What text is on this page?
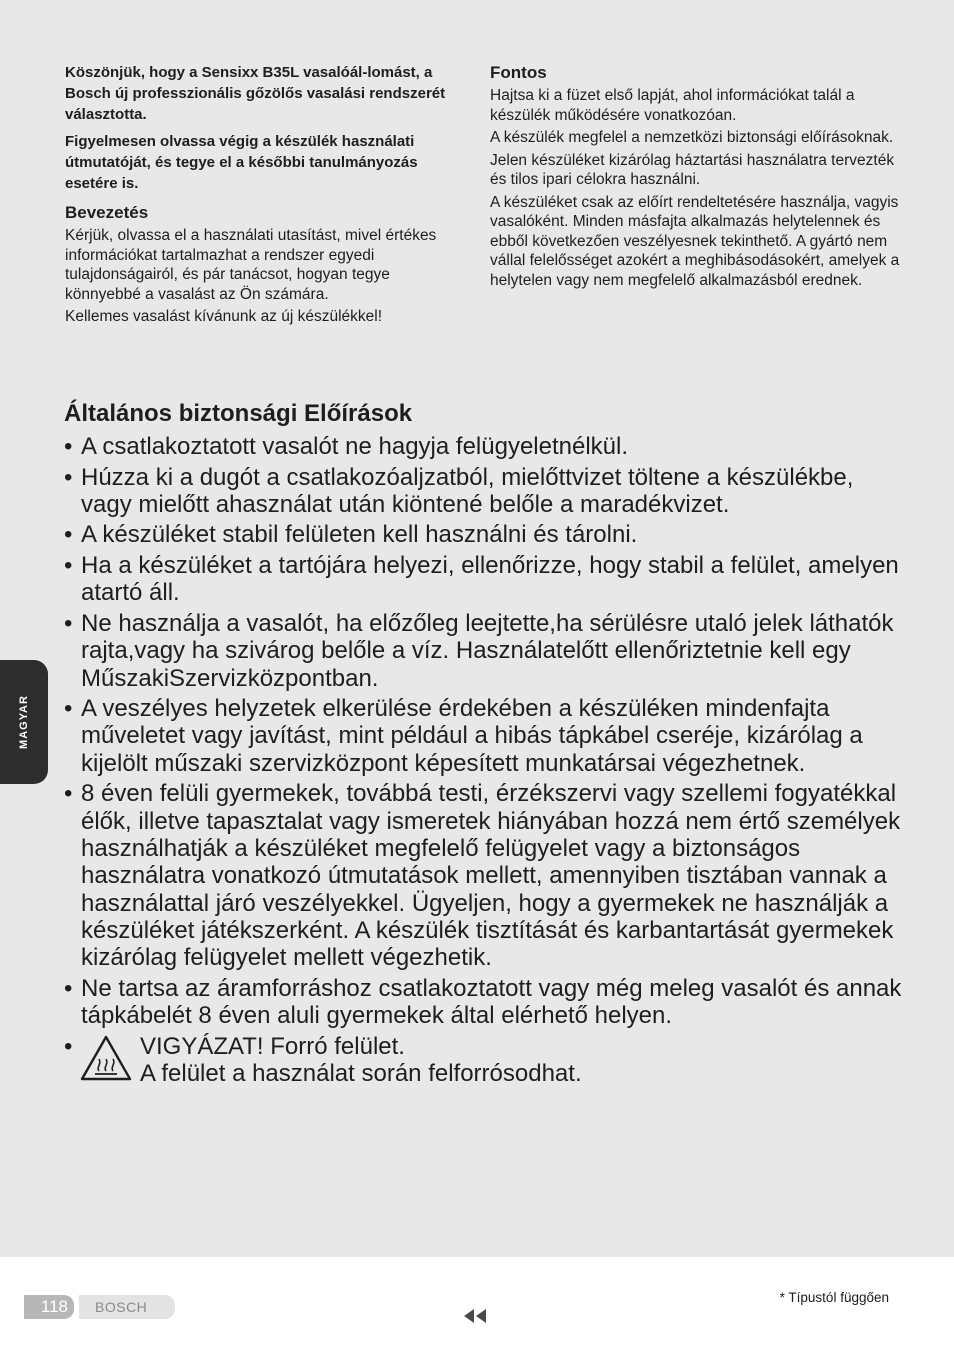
Köszönjük, hogy a Sensixx B35L vasalóál-lomást, a Bosch új professzionális gőzölős vasalási rendszerét választotta.

Figyelmesen olvassa végig a készülék használati útmutatóját, és tegye el a későbbi tanulmányozás esetére is.

Bevezetés

Kérjük, olvassa el a használati utasítást, mivel értékes információkat tartalmazhat a rendszer egyedi tulajdonságairól, és pár tanácsot, hogyan tegye könnyebbé a vasalást az Ön számára.

Kellemes vasalást kívánunk az új készülékkel!

Fontos

Hajtsa ki a füzet első lapját, ahol információkat talál a készülék működésére vonatkozóan.

A készülék megfelel a nemzetközi biztonsági előírásoknak.

Jelen készüléket kizárólag háztartási használatra tervezték és tilos ipari célokra használni.

A készüléket csak az előírt rendeltetésére használja, vagyis vasalóként. Minden másfajta alkalmazás helytelennek és ebből következően veszélyesnek tekinthető. A gyártó nem vállal felelősséget azokért a meghibásodásokért, amelyek a helytelen vagy nem megfelelő alkalmazásból erednek.

Általános biztonsági Előírások
• A csatlakoztatott vasalót ne hagyja felügyeletnélkül.
• Húzza ki a dugót a csatlakozóaljzatból, mielőttvizet töltene a készülékbe, vagy mielőtt ahasználat után kiöntené belőle a maradékvizet.
• A készüléket stabil felületen kell használni és tárolni.
• Ha a készüléket a tartójára helyezi, ellenőrizze, hogy stabil a felület, amelyen atartó áll.
• Ne használja a vasalót, ha előzőleg leejtette,ha sérülésre utaló jelek láthatók rajta,vagy ha szivárog belőle a víz. Használatelőtt ellenőriztetnie kell egy MűszakiSzervizközpontban.
• A veszélyes helyzetek elkerülése érdekében a készüléken mindenfajta műveletet vagy javítást, mint például a hibás tápkábel cseréje, kizárólag a kijelölt műszaki szervizközpont képesített munkatársai végezhetnek.
• 8 éven felüli gyermekek, továbbá testi, érzékszervi vagy szellemi fogyatékkal élők, illetve tapasztalat vagy ismeretek hiányában hozzá nem értő személyek használhatják a készüléket megfelelő felügyelet vagy a biztonságos használatra vonatkozó útmutatások mellett, amennyiben tisztában vannak a használattal járó veszélyekkel. Ügyeljen, hogy a gyermekek ne használják a készüléket játékszerként. A készülék tisztítását és karbantartását gyermekek kizárólag felügyelet mellett végezhetik.
• Ne tartsa az áramforráshoz csatlakoztatott vagy még meleg vasalót és annak tápkábelét 8 éven aluli gyermekek által elérhető helyen.
•	VIGYÁZAT! Forró felület.
A felület a használat során felforrósodhat.
MAGYAR
118	BOSCH
* Típustól függően
